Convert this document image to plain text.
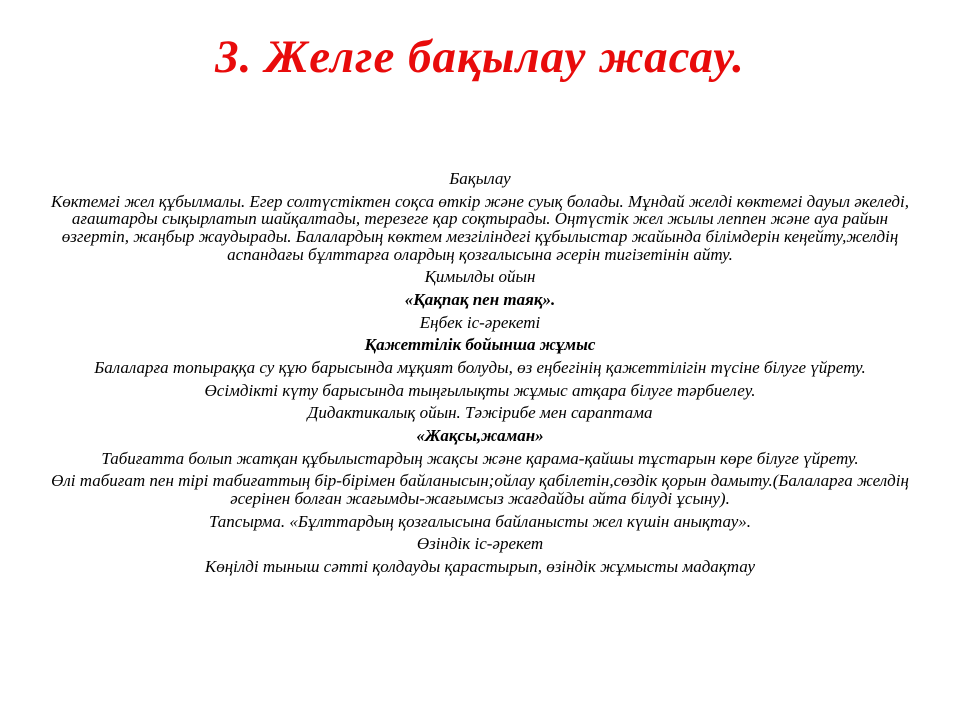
3. Желге бақылау жасау.

Бақылау

Көктемгі жел құбылмалы. Егер солтүстіктен соқса өткір және суық болады. Мұндай желді көктемгі дауыл әкеледі, ағаштарды сықырлатып шайқалтады, терезеге қар соқтырады. Оңтүстік жел жылы леппен және ауа райын өзгертіп, жаңбыр жаудырады. Балалардың көктем мезгіліндегі құбылыстар жайында білімдерін кеңейту,желдің аспандағы бұлттарға олардың қозғалысына әсерін тигізетінін айту.

Қимылды ойын

«Қақпақ пен таяқ».

Еңбек іс-әрекеті

Қажеттілік бойынша жұмыс

Балаларға топыраққа су құю барысында мұқият болуды, өз еңбегінің қажеттілігін түсіне білуге үйрету.

Өсімдікті күту барысында тыңғылықты жұмыс атқара білуге тәрбиелеу.

Дидактикалық ойын. Тәжірибе мен сараптама

«Жақсы,жаман»

Табиғатта болып жатқан құбылыстардың жақсы және қарама-қайшы тұстарын көре білуге үйрету.

Өлі табиғат пен тірі табиғаттың бір-бірімен байланысын;ойлау қабілетін,сөздік қорын дамыту.(Балаларға желдің әсерінен болған жағымды-жағымсыз жағдайды айта білуді ұсыну).

Тапсырма. «Бұлттардың қозғалысына байланысты жел күшін анықтау».

Өзіндік іс-әрекет

Көңілді тыныш сәтті қолдауды қарастырып, өзіндік жұмысты мадақтау
